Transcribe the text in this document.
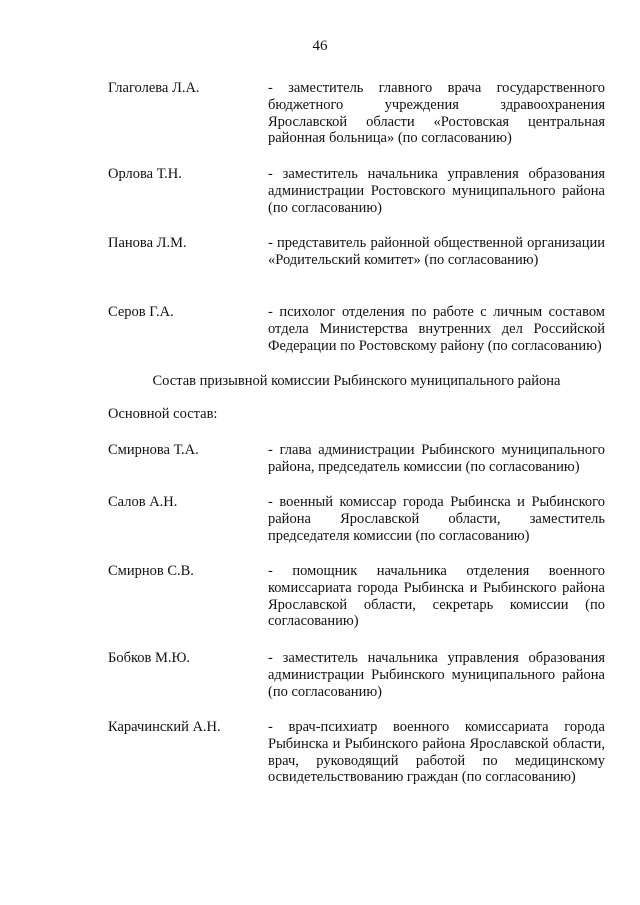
46
Глаголева Л.А.	- заместитель главного врача государственного бюджетного учреждения здравоохранения Ярославской области «Ростовская центральная районная больница» (по согласованию)
Орлова Т.Н.	- заместитель начальника управления образования администрации Ростовского муниципального района (по согласованию)
Панова Л.М.	- представитель районной общественной организации «Родительский комитет» (по согласованию)
Серов Г.А.	- психолог отделения по работе с личным составом отдела Министерства внутренних дел Российской Федерации по Ростовскому району (по согласованию)
Состав призывной комиссии Рыбинского муниципального района
Основной состав:
Смирнова Т.А.	- глава администрации Рыбинского муниципального района, председатель комиссии (по согласованию)
Салов А.Н.	- военный комиссар города Рыбинска и Рыбинского района Ярославской области, заместитель председателя комиссии (по согласованию)
Смирнов С.В.	- помощник начальника отделения военного комиссариата города Рыбинска и Рыбинского района Ярославской области, секретарь комиссии (по согласованию)
Бобков М.Ю.	- заместитель начальника управления образования администрации Рыбинского муниципального района (по согласованию)
Карачинский А.Н.	- врач-психиатр военного комиссариата города Рыбинска и Рыбинского района Ярославской области, врач, руководящий работой по медицинскому освидетельствованию граждан (по согласованию)
